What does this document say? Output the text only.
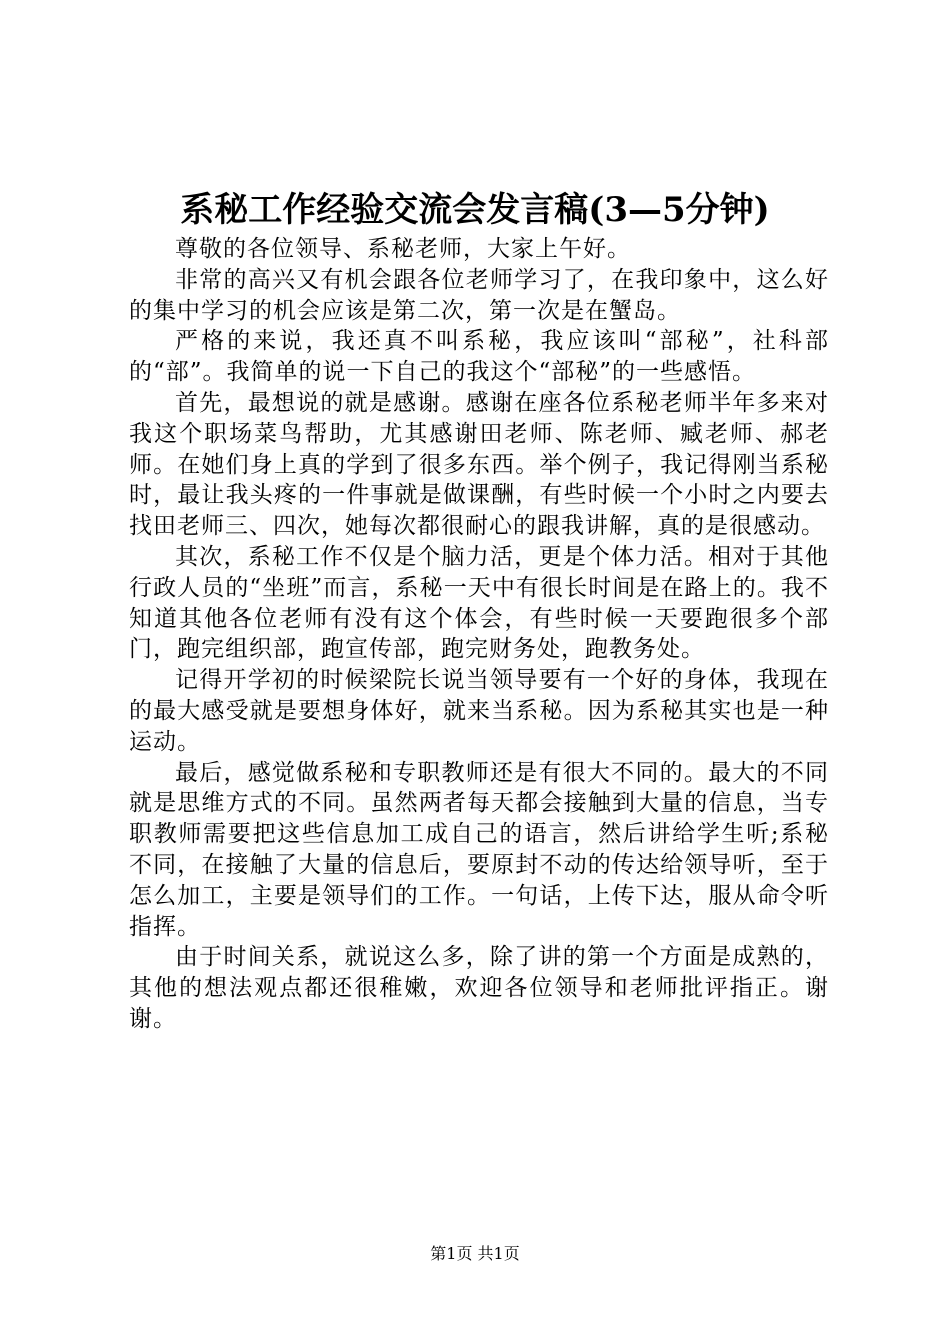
系秘工作经验交流会发言稿(3—5分钟)

尊敬的各位领导、系秘老师，大家上午好。

非常的高兴又有机会跟各位老师学习了，在我印象中，这么好的集中学习的机会应该是第二次，第一次是在蟹岛。

严格的来说，我还真不叫系秘，我应该叫“部秘”，社科部的“部”。我简单的说一下自己的我这个“部秘”的一些感悟。

首先，最想说的就是感谢。感谢在座各位系秘老师半年多来对我这个职场菜鸟帮助，尤其感谢田老师、陈老师、臧老师、郝老师。在她们身上真的学到了很多东西。举个例子，我记得刚当系秘时，最让我头疼的一件事就是做课酬，有些时候一个小时之内要去找田老师三、四次，她每次都很耐心的跟我讲解，真的是很感动。

其次，系秘工作不仅是个脑力活，更是个体力活。相对于其他行政人员的“坐班”而言，系秘一天中有很长时间是在路上的。我不知道其他各位老师有没有这个体会，有些时候一天要跑很多个部门，跑完组织部，跑宣传部，跑完财务处，跑教务处。

记得开学初的时候梁院长说当领导要有一个好的身体，我现在的最大感受就是要想身体好，就来当系秘。因为系秘其实也是一种运动。

最后，感觉做系秘和专职教师还是有很大不同的。最大的不同就是思维方式的不同。虽然两者每天都会接触到大量的信息，当专职教师需要把这些信息加工成自己的语言，然后讲给学生听;系秘不同，在接触了大量的信息后，要原封不动的传达给领导听，至于怎么加工，主要是领导们的工作。一句话，上传下达，服从命令听指挥。

由于时间关系，就说这么多，除了讲的第一个方面是成熟的，其他的想法观点都还很稚嫩，欢迎各位领导和老师批评指正。谢谢。

第1页 共1页
